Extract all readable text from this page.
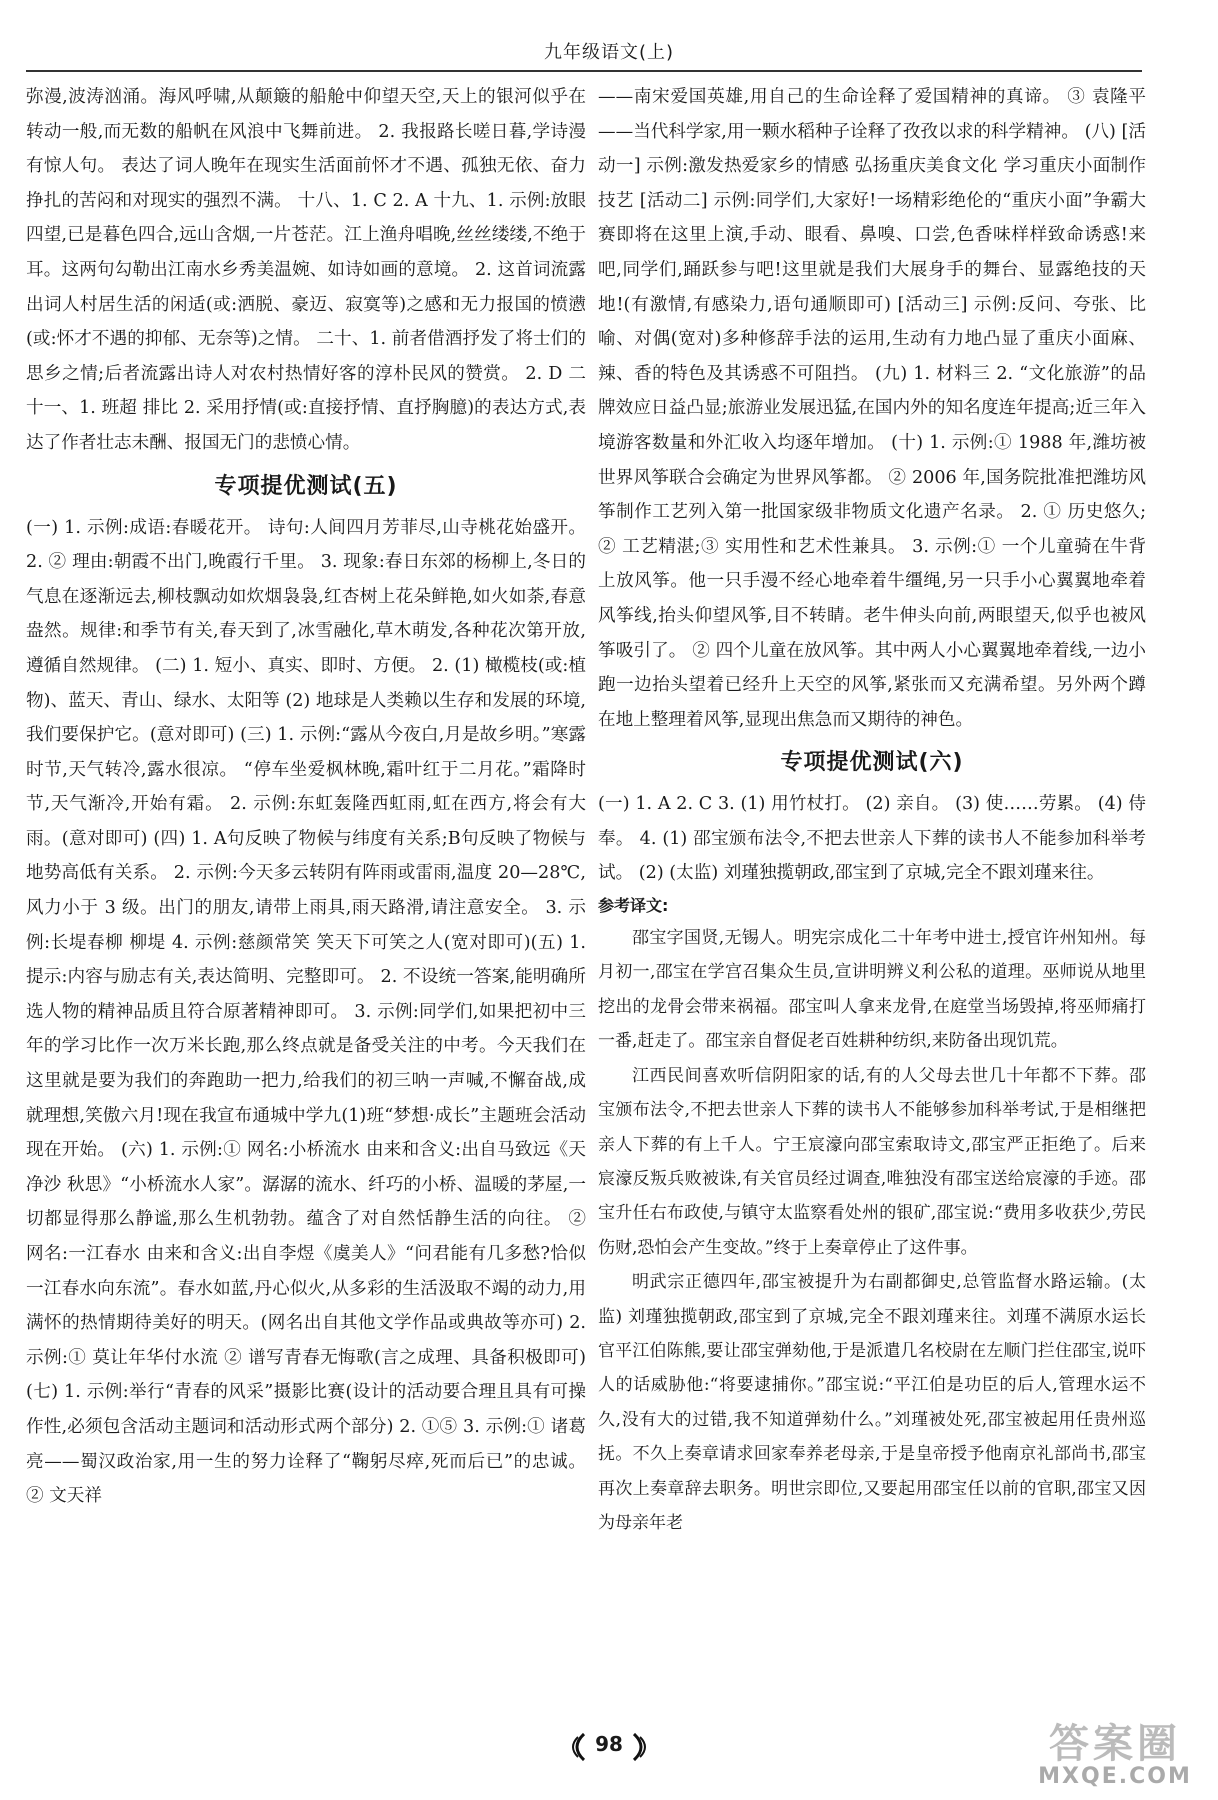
九年级语文(上)

弥漫,波涛汹涌。海风呼啸,从颠簸的船舱中仰望天空,天上的银河似乎在转动一般,而无数的船帆在风浪中飞舞前进。 2. 我报路长嗟日暮,学诗漫有惊人句。 表达了词人晚年在现实生活面前怀才不遇、孤独无依、奋力挣扎的苦闷和对现实的强烈不满。 十八、1. C 2. A 十九、1. 示例:放眼四望,已是暮色四合,远山含烟,一片苍茫。江上渔舟唱晚,丝丝缕缕,不绝于耳。这两句勾勒出江南水乡秀美温婉、如诗如画的意境。 2. 这首词流露出词人村居生活的闲适(或:洒脱、豪迈、寂寞等)之感和无力报国的愤懑(或:怀才不遇的抑郁、无奈等)之情。 二十、1. 前者借酒抒发了将士们的思乡之情;后者流露出诗人对农村热情好客的淳朴民风的赞赏。 2. D 二十一、1. 班超 排比 2. 采用抒情(或:直接抒情、直抒胸臆)的表达方式,表达了作者壮志未酬、报国无门的悲愤心情。

专项提优测试(五)

(一) 1. 示例:成语:春暖花开。 诗句:人间四月芳菲尽,山寺桃花始盛开。 2. ② 理由:朝霞不出门,晚霞行千里。 3. 现象:春日东郊的杨柳上,冬日的气息在逐渐远去,柳枝飘动如炊烟袅袅,红杏树上花朵鲜艳,如火如荼,春意盎然。规律:和季节有关,春天到了,冰雪融化,草木萌发,各种花次第开放,遵循自然规律。 (二) 1. 短小、真实、即时、方便。 2. (1) 橄榄枝(或:植物)、蓝天、青山、绿水、太阳等 (2) 地球是人类赖以生存和发展的环境,我们要保护它。(意对即可) (三) 1. 示例:“露从今夜白,月是故乡明。”寒露时节,天气转冷,露水很凉。 “停车坐爱枫林晚,霜叶红于二月花。”霜降时节,天气渐冷,开始有霜。 2. 示例:东虹轰隆西虹雨,虹在西方,将会有大雨。(意对即可) (四) 1. A句反映了物候与纬度有关系;B句反映了物候与地势高低有关系。 2. 示例:今天多云转阴有阵雨或雷雨,温度 20—28℃,风力小于 3 级。出门的朋友,请带上雨具,雨天路滑,请注意安全。 3. 示例:长堤春柳 柳堤 4. 示例:慈颜常笑 笑天下可笑之人(宽对即可)(五) 1. 提示:内容与励志有关,表达简明、完整即可。 2. 不设统一答案,能明确所选人物的精神品质且符合原著精神即可。 3. 示例:同学们,如果把初中三年的学习比作一次万米长跑,那么终点就是备受关注的中考。今天我们在这里就是要为我们的奔跑助一把力,给我们的初三呐一声喊,不懈奋战,成就理想,笑傲六月!现在我宣布通城中学九(1)班“梦想·成长”主题班会活动现在开始。 (六) 1. 示例:① 网名:小桥流水 由来和含义:出自马致远《天净沙 秋思》“小桥流水人家”。潺潺的流水、纤巧的小桥、温暖的茅屋,一切都显得那么静谧,那么生机勃勃。蕴含了对自然恬静生活的向往。 ② 网名:一江春水 由来和含义:出自李煜《虞美人》“问君能有几多愁?恰似一江春水向东流”。春水如蓝,丹心似火,从多彩的生活汲取不竭的动力,用满怀的热情期待美好的明天。(网名出自其他文学作品或典故等亦可) 2. 示例:① 莫让年华付水流 ② 谱写青春无悔歌(言之成理、具备积极即可) (七) 1. 示例:举行“青春的风采”摄影比赛(设计的活动要合理且具有可操作性,必须包含活动主题词和活动形式两个部分) 2. ①⑤ 3. 示例:① 诸葛亮——蜀汉政治家,用一生的努力诠释了“鞠躬尽瘁,死而后已”的忠诚。 ② 文天祥

——南宋爱国英雄,用自己的生命诠释了爱国精神的真谛。 ③ 袁隆平——当代科学家,用一颗水稻种子诠释了孜孜以求的科学精神。 (八) [活动一] 示例:激发热爱家乡的情感 弘扬重庆美食文化 学习重庆小面制作技艺 [活动二] 示例:同学们,大家好!一场精彩绝伦的“重庆小面”争霸大赛即将在这里上演,手动、眼看、鼻嗅、口尝,色香味样样致命诱惑!来吧,同学们,踊跃参与吧!这里就是我们大展身手的舞台、显露绝技的天地!(有激情,有感染力,语句通顺即可) [活动三] 示例:反问、夸张、比喻、对偶(宽对)多种修辞手法的运用,生动有力地凸显了重庆小面麻、辣、香的特色及其诱惑不可阻挡。 (九) 1. 材料三 2. “文化旅游”的品牌效应日益凸显;旅游业发展迅猛,在国内外的知名度连年提高;近三年入境游客数量和外汇收入均逐年增加。 (十) 1. 示例:① 1988 年,潍坊被世界风筝联合会确定为世界风筝都。 ② 2006 年,国务院批准把潍坊风筝制作工艺列入第一批国家级非物质文化遗产名录。 2. ① 历史悠久;② 工艺精湛;③ 实用性和艺术性兼具。 3. 示例:① 一个儿童骑在牛背上放风筝。他一只手漫不经心地牵着牛缰绳,另一只手小心翼翼地牵着风筝线,抬头仰望风筝,目不转睛。老牛伸头向前,两眼望天,似乎也被风筝吸引了。 ② 四个儿童在放风筝。其中两人小心翼翼地牵着线,一边小跑一边抬头望着已经升上天空的风筝,紧张而又充满希望。另外两个蹲在地上整理着风筝,显现出焦急而又期待的神色。

专项提优测试(六)

(一) 1. A 2. C 3. (1) 用竹杖打。 (2) 亲自。 (3) 使……劳累。 (4) 侍奉。 4. (1) 邵宝颁布法令,不把去世亲人下葬的读书人不能参加科举考试。 (2) (太监) 刘瑾独揽朝政,邵宝到了京城,完全不跟刘瑾来往。

参考译文:

邵宝字国贤,无锡人。明宪宗成化二十年考中进士,授官许州知州。每月初一,邵宝在学宫召集众生员,宣讲明辨义利公私的道理。巫师说从地里挖出的龙骨会带来祸福。邵宝叫人拿来龙骨,在庭堂当场毁掉,将巫师痛打一番,赶走了。邵宝亲自督促老百姓耕种纺织,来防备出现饥荒。

江西民间喜欢听信阴阳家的话,有的人父母去世几十年都不下葬。邵宝颁布法令,不把去世亲人下葬的读书人不能够参加科举考试,于是相继把亲人下葬的有上千人。宁王宸濠向邵宝索取诗文,邵宝严正拒绝了。后来宸濠反叛兵败被诛,有关官员经过调查,唯独没有邵宝送给宸濠的手迹。邵宝升任右布政使,与镇守太监察看处州的银矿,邵宝说:“费用多收获少,劳民伤财,恐怕会产生变故。”终于上奏章停止了这件事。

明武宗正德四年,邵宝被提升为右副都御史,总管监督水路运输。(太监) 刘瑾独揽朝政,邵宝到了京城,完全不跟刘瑾来往。刘瑾不满原水运长官平江伯陈熊,要让邵宝弹劾他,于是派遣几名校尉在左顺门拦住邵宝,说吓人的话威胁他:“将要逮捕你。”邵宝说:“平江伯是功臣的后人,管理水运不久,没有大的过错,我不知道弹劾什么。”刘瑾被处死,邵宝被起用任贵州巡抚。不久上奏章请求回家奉养老母亲,于是皇帝授予他南京礼部尚书,邵宝再次上奏章辞去职务。明世宗即位,又要起用邵宝任以前的官职,邵宝又因为母亲年老

98	答案圈
MXQE.COM
